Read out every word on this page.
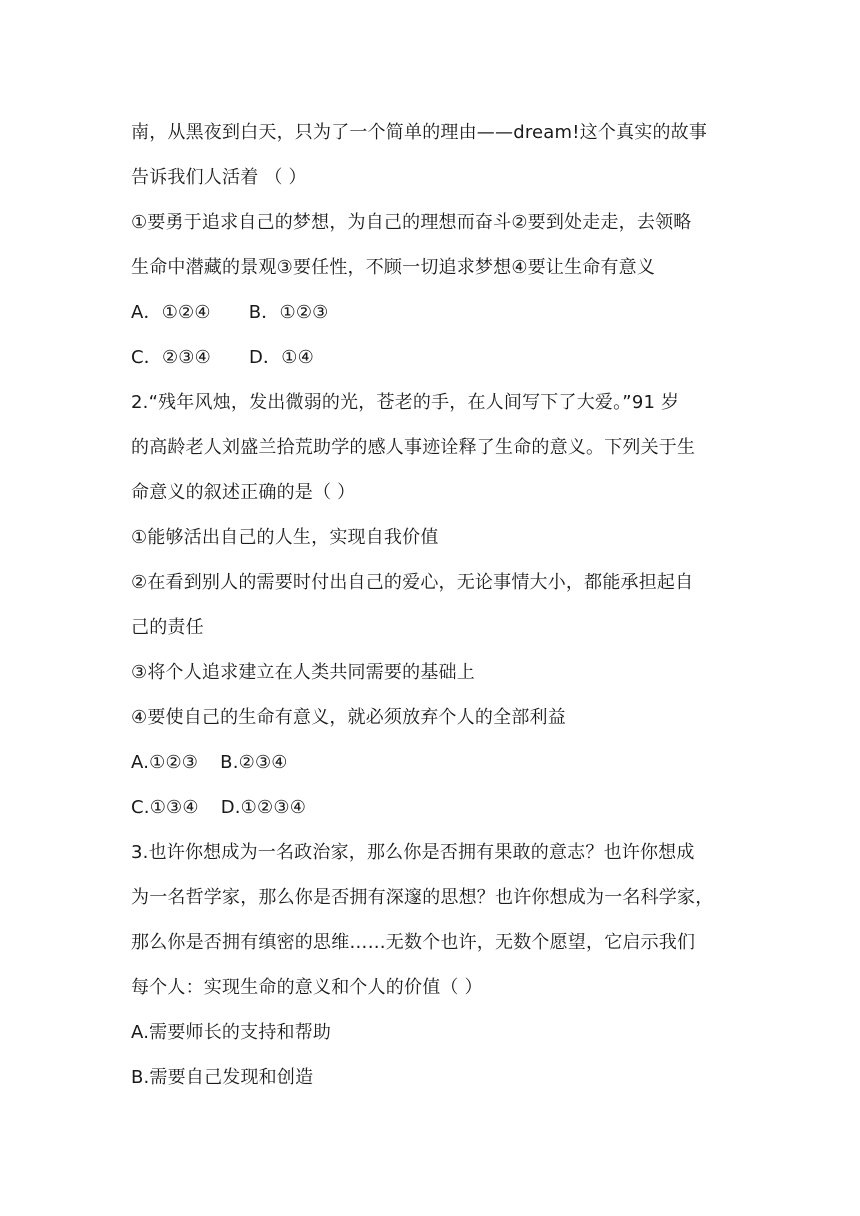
南，从黑夜到白天，只为了一个简单的理由——dream!这个真实的故事
告诉我们人活着 （ ）
①要勇于追求自己的梦想，为自己的理想而奋斗②要到处走走，去领略
生命中潜藏的景观③要任性，不顾一切追求梦想④要让生命有意义
A．①②④ B．①②③
C．②③④ D．①④
2.“残年风烛，发出微弱的光，苍老的手，在人间写下了大爱。”91 岁
的高龄老人刘盛兰拾荒助学的感人事迹诠释了生命的意义。下列关于生
命意义的叙述正确的是（ ）
①能够活出自己的人生，实现自我价值
②在看到别人的需要时付出自己的爱心，无论事情大小，都能承担起自
己的责任
③将个人追求建立在人类共同需要的基础上
④要使自己的生命有意义，就必须放弃个人的全部利益
A.①②③ B.②③④
C.①③④ D.①②③④
3.也许你想成为一名政治家，那么你是否拥有果敢的意志？也许你想成
为一名哲学家，那么你是否拥有深邃的思想？也许你想成为一名科学家，
那么你是否拥有缜密的思维……无数个也许，无数个愿望，它启示我们
每个人：实现生命的意义和个人的价值（ ）
A.需要师长的支持和帮助
B.需要自己发现和创造
